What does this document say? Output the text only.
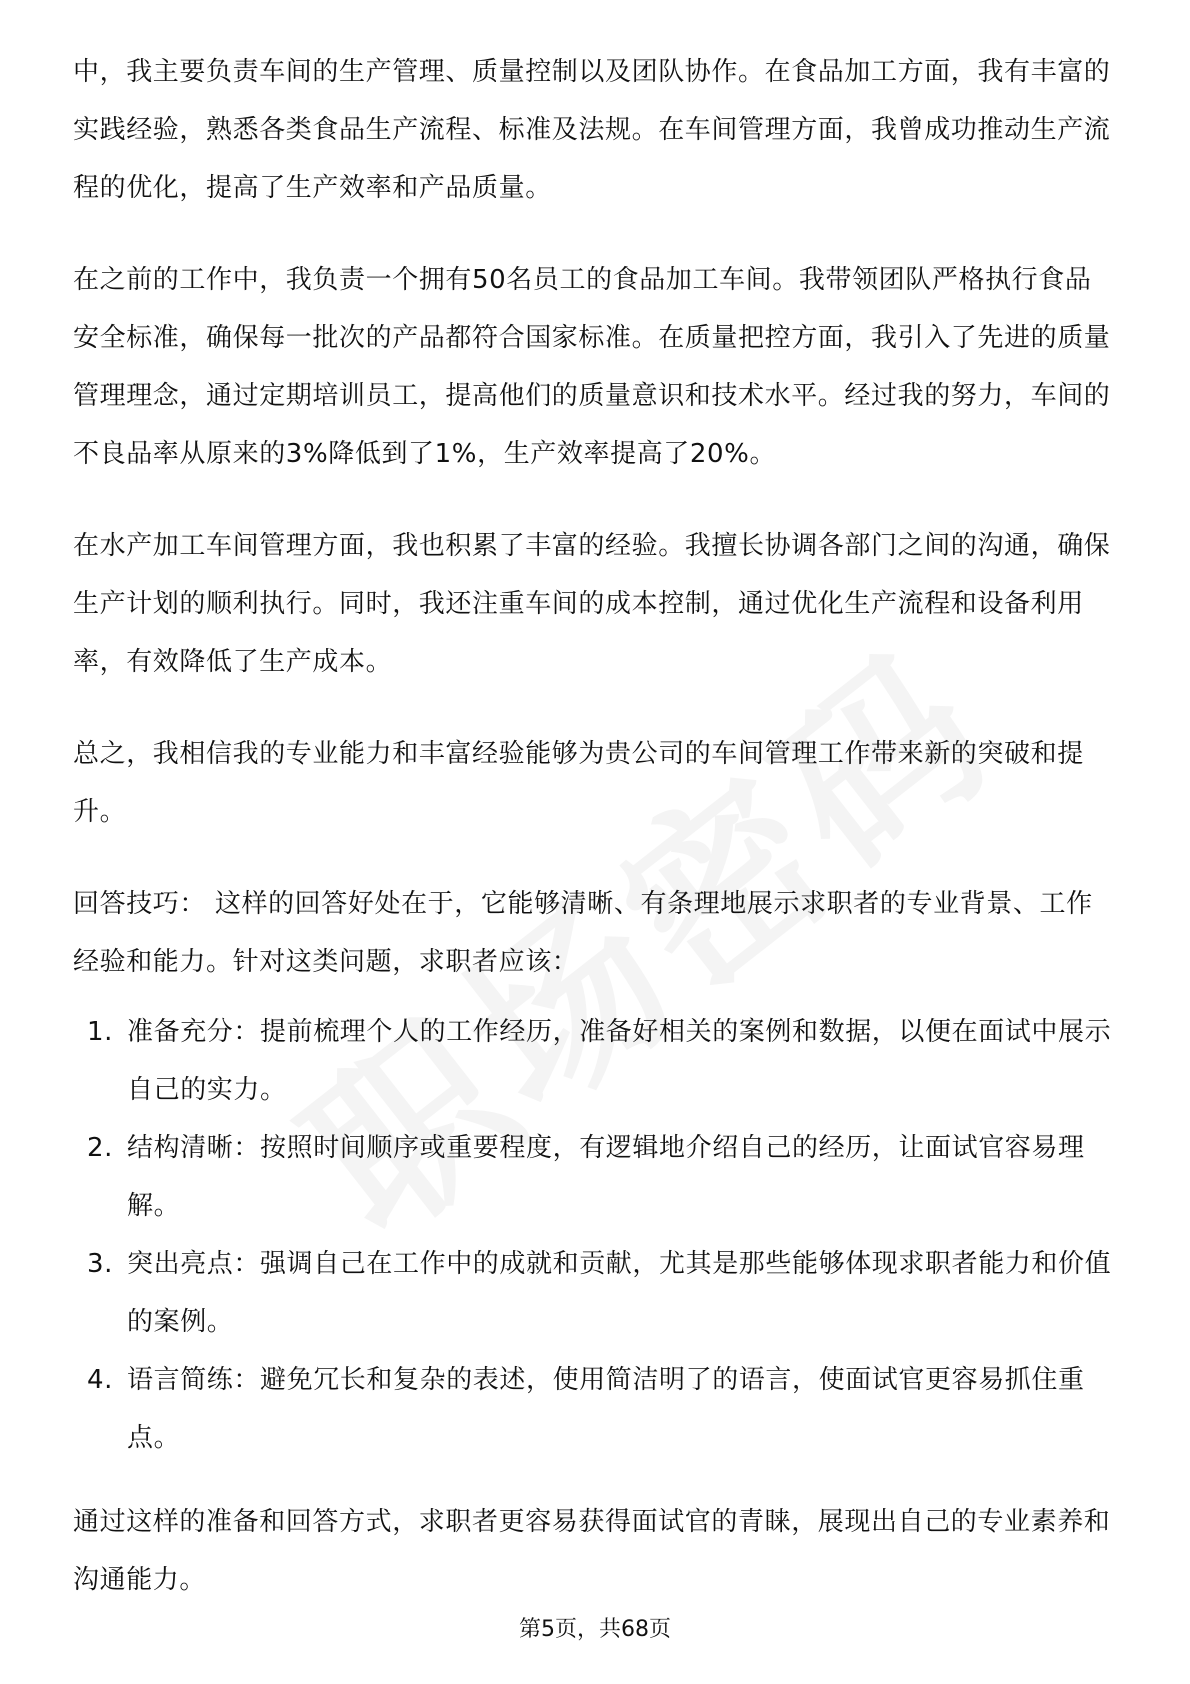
中，我主要负责车间的生产管理、质量控制以及团队协作。在食品加工方面，我有丰富的实践经验，熟悉各类食品生产流程、标准及法规。在车间管理方面，我曾成功推动生产流程的优化，提高了生产效率和产品质量。

在之前的工作中，我负责一个拥有50名员工的食品加工车间。我带领团队严格执行食品安全标准，确保每一批次的产品都符合国家标准。在质量把控方面，我引入了先进的质量管理理念，通过定期培训员工，提高他们的质量意识和技术水平。经过我的努力，车间的不良品率从原来的3%降低到了1%，生产效率提高了20%。

在水产加工车间管理方面，我也积累了丰富的经验。我擅长协调各部门之间的沟通，确保生产计划的顺利执行。同时，我还注重车间的成本控制，通过优化生产流程和设备利用率，有效降低了生产成本。

总之，我相信我的专业能力和丰富经验能够为贵公司的车间管理工作带来新的突破和提升。

回答技巧： 这样的回答好处在于，它能够清晰、有条理地展示求职者的专业背景、工作经验和能力。针对这类问题，求职者应该：

1. 准备充分：提前梳理个人的工作经历，准备好相关的案例和数据，以便在面试中展示自己的实力。
2. 结构清晰：按照时间顺序或重要程度，有逻辑地介绍自己的经历，让面试官容易理解。
3. 突出亮点：强调自己在工作中的成就和贡献，尤其是那些能够体现求职者能力和价值的案例。
4. 语言简练：避免冗长和复杂的表述，使用简洁明了的语言，使面试官更容易抓住重点。

通过这样的准备和回答方式，求职者更容易获得面试官的青睐，展现出自己的专业素养和沟通能力。

第5页，共68页
